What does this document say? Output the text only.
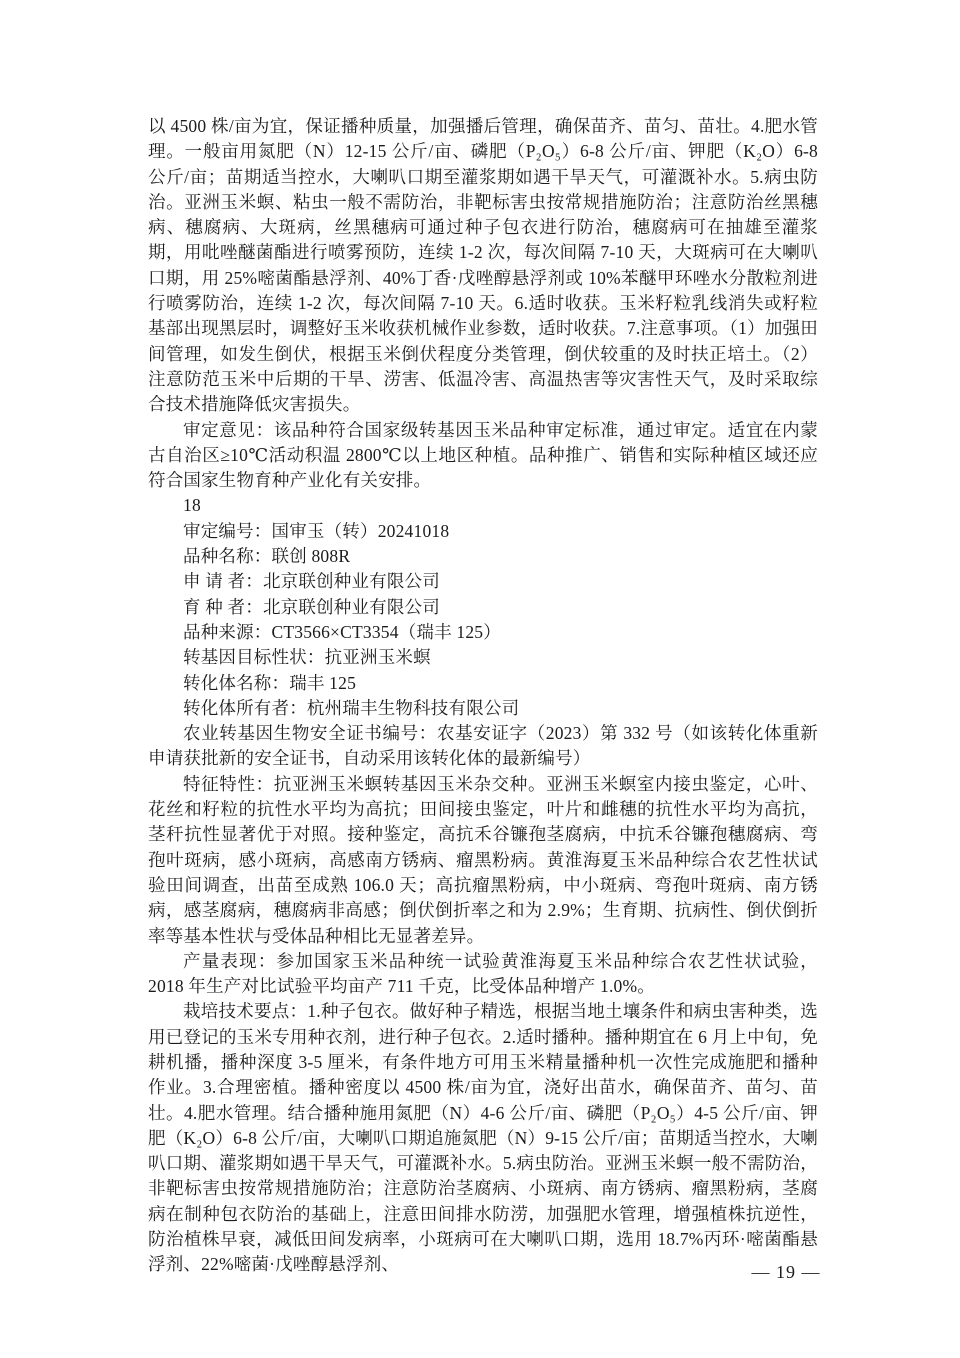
以 4500 株/亩为宜，保证播种质量，加强播后管理，确保苗齐、苗匀、苗壮。4.肥水管理。一般亩用氮肥（N）12-15 公斤/亩、磷肥（P₂O₅）6-8 公斤/亩、钾肥（K₂O）6-8 公斤/亩；苗期适当控水，大喇叭口期至灌浆期如遇干旱天气，可灌溉补水。5.病虫防治。亚洲玉米螟、粘虫一般不需防治，非靶标害虫按常规措施防治；注意防治丝黑穗病、穗腐病、大斑病，丝黑穗病可通过种子包衣进行防治，穗腐病可在抽雄至灌浆期，用吡唑醚菌酯进行喷雾预防，连续 1-2 次，每次间隔 7-10 天，大斑病可在大喇叭口期，用 25%嘧菌酯悬浮剂、40%丁香·戊唑醇悬浮剂或 10%苯醚甲环唑水分散粒剂进行喷雾防治，连续 1-2 次，每次间隔 7-10 天。6.适时收获。玉米籽粒乳线消失或籽粒基部出现黑层时，调整好玉米收获机械作业参数，适时收获。7.注意事项。（1）加强田间管理，如发生倒伏，根据玉米倒伏程度分类管理，倒伏较重的及时扶正培土。（2）注意防范玉米中后期的干旱、涝害、低温冷害、高温热害等灾害性天气，及时采取综合技术措施降低灾害损失。

审定意见：该品种符合国家级转基因玉米品种审定标准，通过审定。适宜在内蒙古自治区≥10℃活动积温 2800℃以上地区种植。品种推广、销售和实际种植区域还应符合国家生物育种产业化有关安排。

18

审定编号：国审玉（转）20241018

品种名称：联创 808R

申 请 者：北京联创种业有限公司

育 种 者：北京联创种业有限公司

品种来源：CT3566×CT3354（瑞丰 125）

转基因目标性状：抗亚洲玉米螟

转化体名称：瑞丰 125

转化体所有者：杭州瑞丰生物科技有限公司

农业转基因生物安全证书编号：农基安证字（2023）第 332 号（如该转化体重新申请获批新的安全证书，自动采用该转化体的最新编号）

特征特性：抗亚洲玉米螟转基因玉米杂交种。亚洲玉米螟室内接虫鉴定，心叶、花丝和籽粒的抗性水平均为高抗；田间接虫鉴定，叶片和雌穗的抗性水平均为高抗，茎秆抗性显著优于对照。接种鉴定，高抗禾谷镰孢茎腐病，中抗禾谷镰孢穗腐病、弯孢叶斑病，感小斑病，高感南方锈病、瘤黑粉病。黄淮海夏玉米品种综合农艺性状试验田间调查，出苗至成熟 106.0 天；高抗瘤黑粉病，中小斑病、弯孢叶斑病、南方锈病，感茎腐病，穗腐病非高感；倒伏倒折率之和为 2.9%；生育期、抗病性、倒伏倒折率等基本性状与受体品种相比无显著差异。

产量表现：参加国家玉米品种统一试验黄淮海夏玉米品种综合农艺性状试验，2018 年生产对比试验平均亩产 711 千克，比受体品种增产 1.0%。

栽培技术要点：1.种子包衣。做好种子精选，根据当地土壤条件和病虫害种类，选用已登记的玉米专用种衣剂，进行种子包衣。2.适时播种。播种期宜在 6 月上中旬，免耕机播，播种深度 3-5 厘米，有条件地方可用玉米精量播种机一次性完成施肥和播种作业。3.合理密植。播种密度以 4500 株/亩为宜，浇好出苗水，确保苗齐、苗匀、苗壮。4.肥水管理。结合播种施用氮肥（N）4-6 公斤/亩、磷肥（P₂O₅）4-5 公斤/亩、钾肥（K₂O）6-8 公斤/亩，大喇叭口期追施氮肥（N）9-15 公斤/亩；苗期适当控水，大喇叭口期、灌浆期如遇干旱天气，可灌溉补水。5.病虫防治。亚洲玉米螟一般不需防治，非靶标害虫按常规措施防治；注意防治茎腐病、小斑病、南方锈病、瘤黑粉病，茎腐病在制种包衣防治的基础上，注意田间排水防涝，加强肥水管理，增强植株抗逆性，防治植株早衰，减低田间发病率，小斑病可在大喇叭口期，选用 18.7%丙环·嘧菌酯悬浮剂、22%嘧菌·戊唑醇悬浮剂、	— 19 —
